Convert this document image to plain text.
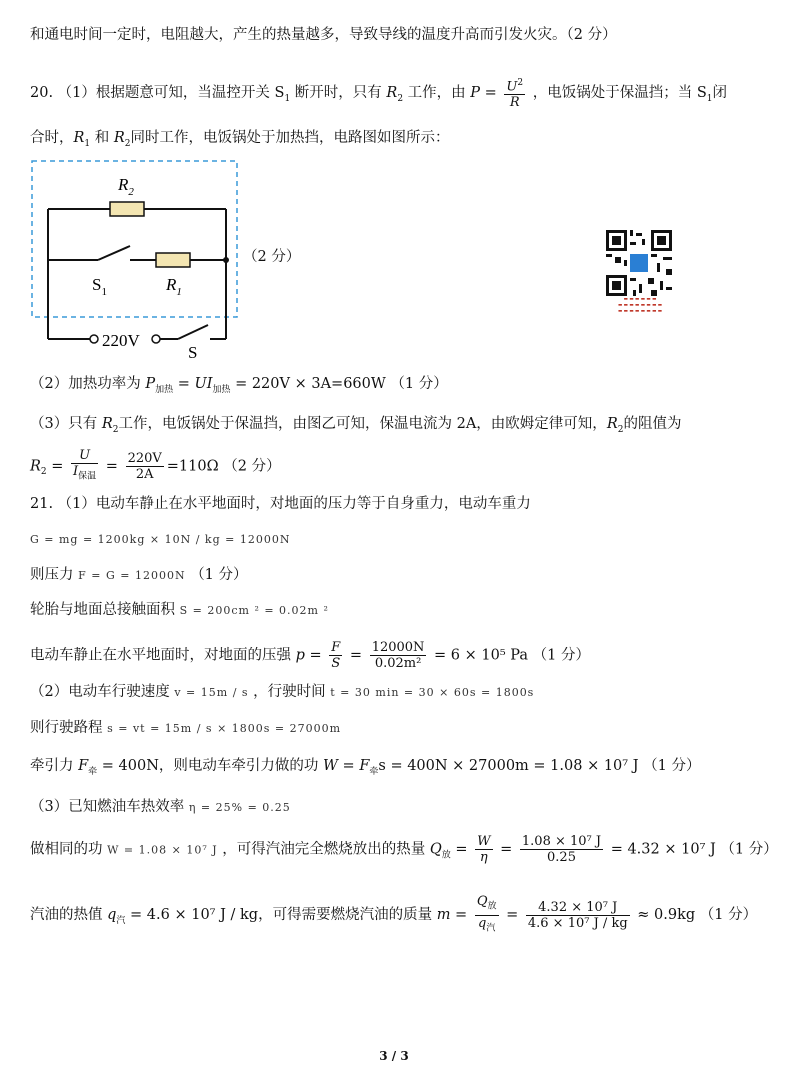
和通电时间一定时，电阻越大，产生的热量越多，导致导线的温度升高而引发火灾。（2 分）
20. （1）根据题意可知，当温控开关 $S_1$ 断开时，只有 $R_2$ 工作，由 $P = \frac{U^2}{R}$ ，电饭锅处于保温挡；当 $S_1$闭
合时，$R_1$ 和 $R_2$同时工作，电饭锅处于加热挡，电路图如图所示：
$R_2$
$S_1$	$R_1$
220V
S
（2 分）
▬ ▬ ▬ ▬ ▬ ▬
▬ ▬ ▬ ▬ ▬ ▬ ▬ ▬
▬ ▬ ▬ ▬ ▬ ▬ ▬ ▬
（2）加热功率为 $P_{加热} = UI_{加热} = 220V \times 3A=660W$ （1 分）
（3）只有 $R_2$工作，电饭锅处于保温挡，由图乙可知，保温电流为 2A，由欧姆定律可知，$R_2$的阻值为
$R_2 = \frac{U}{I_{保温}} = \frac{220V}{2A} =110\Omega$ （2 分）
21. （1）电动车静止在水平地面时，对地面的压力等于自身重力，电动车重力
G = mg = 1200kg × 10N / kg = 12000N
则压力 F = G = 12000N （1 分）
轮胎与地面总接触面积 S = 200cm ² = 0.02m ²
电动车静止在水平地面时，对地面的压强 $p = \frac{F}{S} = \frac{12000N}{\text{0.02m²}} = 6 \times 10^5$ Pa （1 分）
（2）电动车行驶速度 v = 15m / s ，行驶时间 t = 30 min = 30 × 60s = 1800s
则行驶路程 s = vt = 15m / s × 1800s = 27000m
牵引力 $F_牵 = 400N$，则电动车牵引力做的功 $W = F_牵s = 400N \times 27000m = 1.08 \times 10^7$ J （1 分）
（3）已知燃油车热效率 η = 25% = 0.25
做相同的功 W = 1.08 × 10⁷ J ，可得汽油完全燃烧放出的热量 $Q_放 = \frac{W}{\eta} = \frac{\text{1.08 × 10⁷ J}}{0.25} = 4.32 \times 10^7$ J （1 分）
汽油的热值 $q_汽 = 4.6 \times 10^7$ J / kg，可得需要燃烧汽油的质量 $m = \frac{Q_放}{q_汽} = \frac{\text{4.32 × 10⁷ J}}{\text{4.6 × 10⁷ J / kg}} \approx 0.9kg$ （1 分）
3 / 3
